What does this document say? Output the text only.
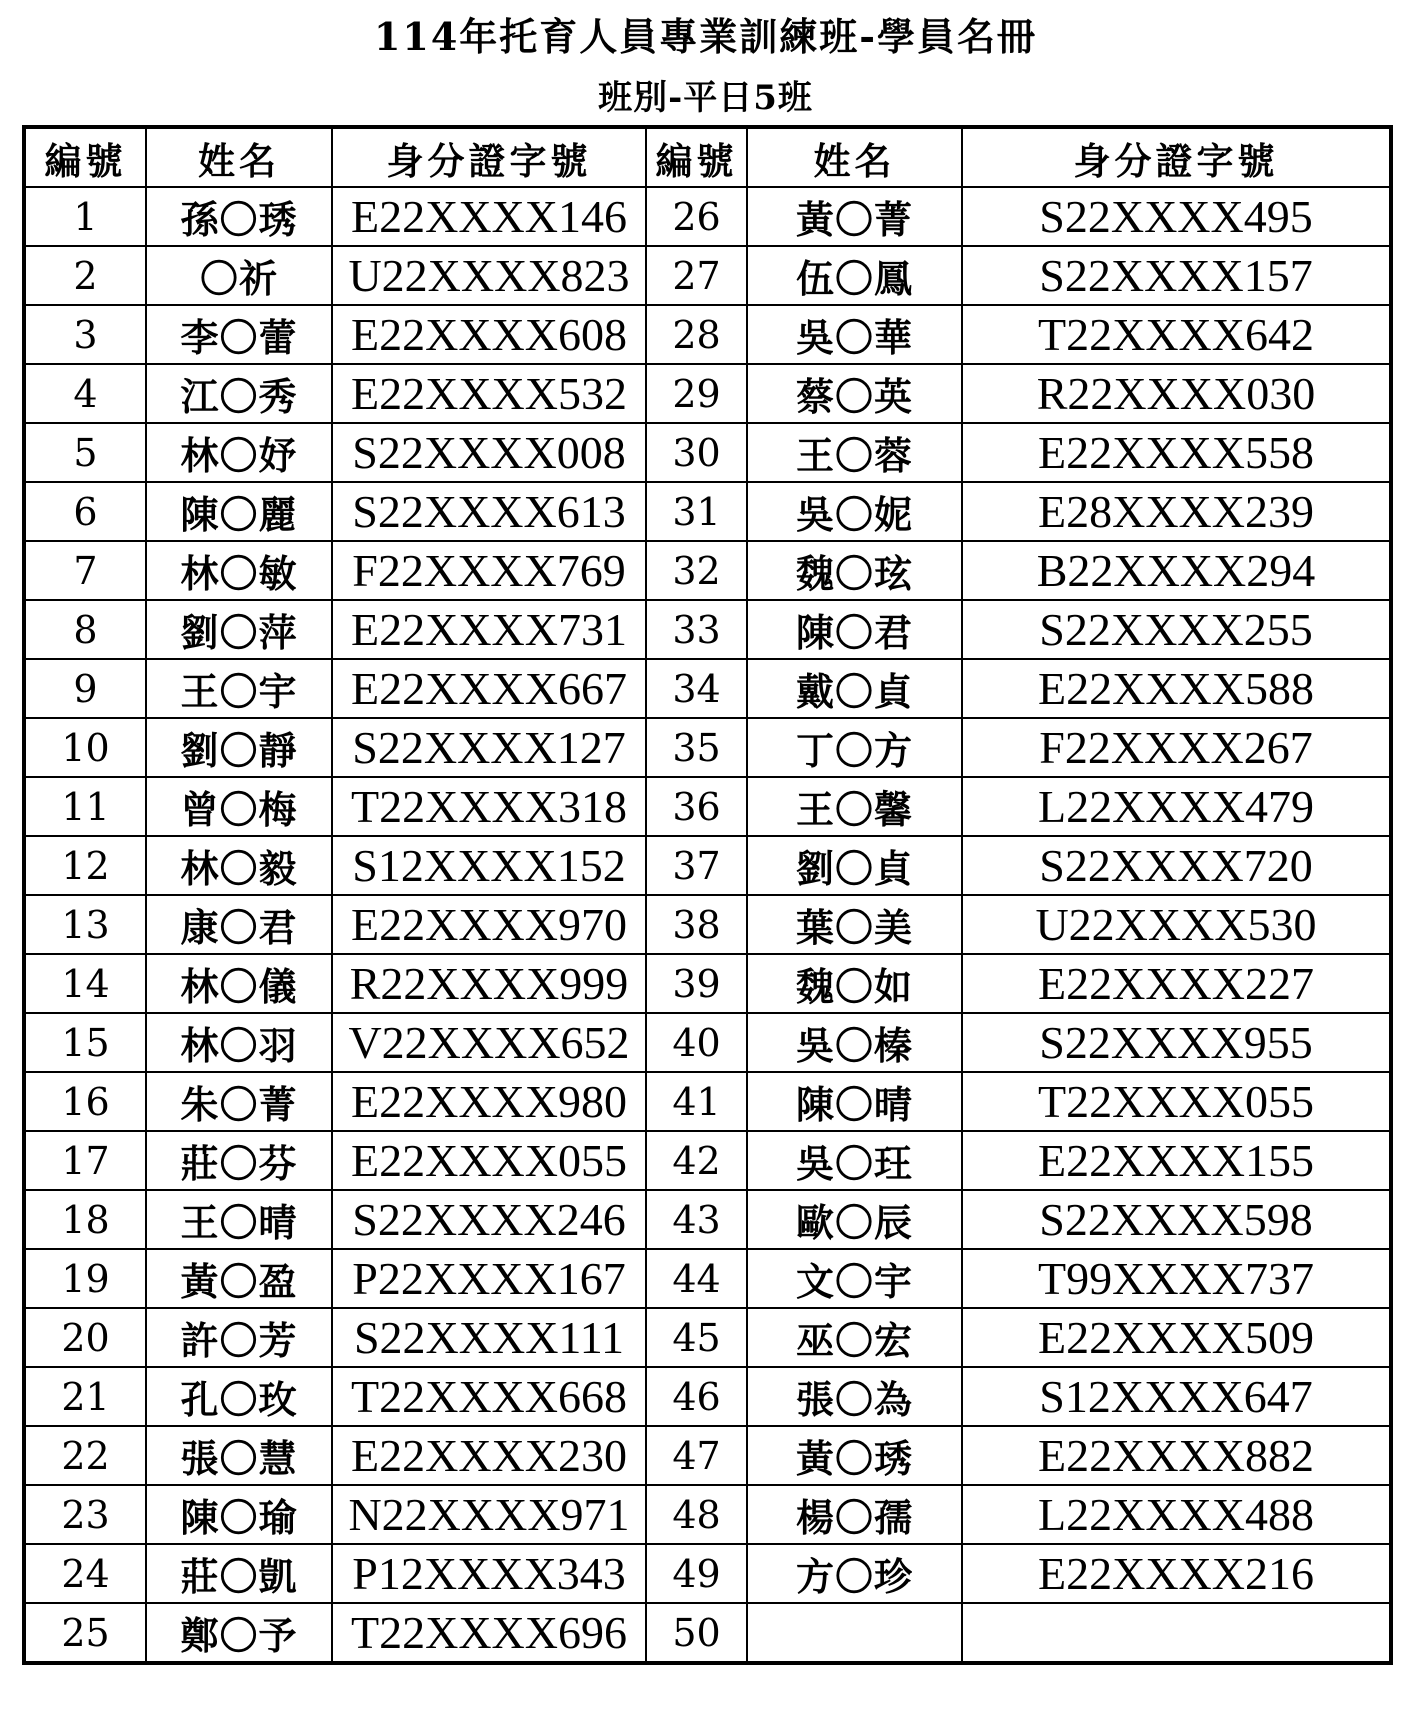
114年托育人員專業訓練班-學員名冊
班別-平日5班
編號	姓名	身分證字號	編號	姓名	身分證字號
1	孫〇琇	E22XXXX146	26	黃〇菁	S22XXXX495
2	〇祈	U22XXXX823	27	伍〇鳳	S22XXXX157
3	李〇蕾	E22XXXX608	28	吳〇華	T22XXXX642
4	江〇秀	E22XXXX532	29	蔡〇英	R22XXXX030
5	林〇妤	S22XXXX008	30	王〇蓉	E22XXXX558
6	陳〇麗	S22XXXX613	31	吳〇妮	E28XXXX239
7	林〇敏	F22XXXX769	32	魏〇玹	B22XXXX294
8	劉〇萍	E22XXXX731	33	陳〇君	S22XXXX255
9	王〇宇	E22XXXX667	34	戴〇貞	E22XXXX588
10	劉〇靜	S22XXXX127	35	丁〇方	F22XXXX267
11	曾〇梅	T22XXXX318	36	王〇馨	L22XXXX479
12	林〇毅	S12XXXX152	37	劉〇貞	S22XXXX720
13	康〇君	E22XXXX970	38	葉〇美	U22XXXX530
14	林〇儀	R22XXXX999	39	魏〇如	E22XXXX227
15	林〇羽	V22XXXX652	40	吳〇榛	S22XXXX955
16	朱〇菁	E22XXXX980	41	陳〇晴	T22XXXX055
17	莊〇芬	E22XXXX055	42	吳〇玨	E22XXXX155
18	王〇晴	S22XXXX246	43	歐〇辰	S22XXXX598
19	黃〇盈	P22XXXX167	44	文〇宇	T99XXXX737
20	許〇芳	S22XXXX111	45	巫〇宏	E22XXXX509
21	孔〇玫	T22XXXX668	46	張〇為	S12XXXX647
22	張〇慧	E22XXXX230	47	黃〇琇	E22XXXX882
23	陳〇瑜	N22XXXX971	48	楊〇孺	L22XXXX488
24	莊〇凱	P12XXXX343	49	方〇珍	E22XXXX216
25	鄭〇予	T22XXXX696	50		
